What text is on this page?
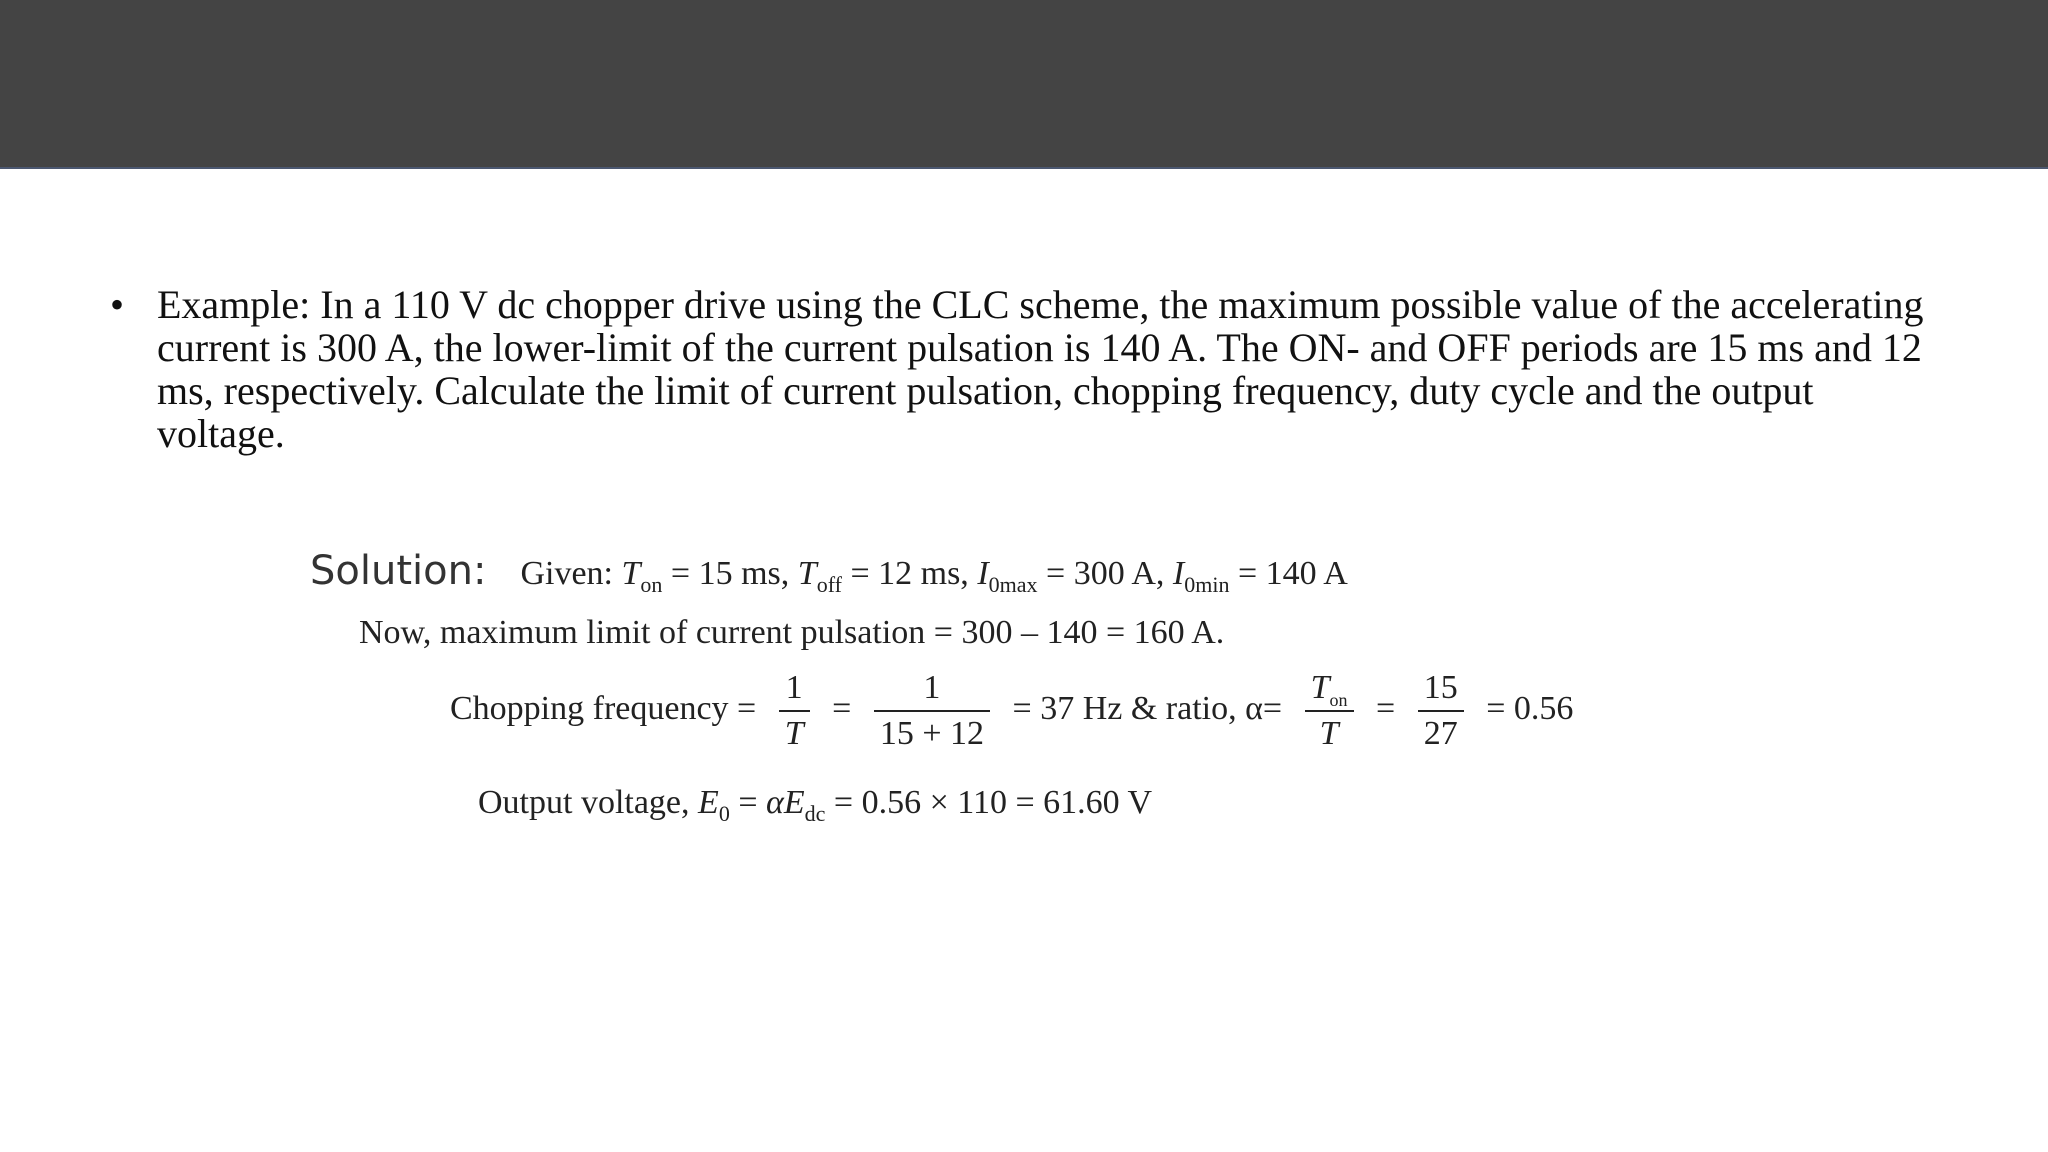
• Example: In a 110 V dc chopper drive using the CLC scheme, the maximum possible value of the accelerating current is 300 A, the lower-limit of the current pulsation is 140 A. The ON- and OFF periods are 15 ms and 12 ms, respectively. Calculate the limit of current pulsation, chopping frequency, duty cycle and the output voltage.
Solution: Given: $T_{on} = 15$ ms, $T_{off} = 12$ ms, $I_{0max} = 300$ A, $I_{0min} = 140$ A
Now, maximum limit of current pulsation = 300 – 140 = 160 A.
Chopping frequency = $\frac{1}{T} = \frac{1}{15 + 12} = 37$ Hz & ratio, $\alpha= \frac{T_{on}}{T} = \frac{15}{27} = 0.56$
Output voltage, $E_0 = \alpha E_{dc} = 0.56 \times 110 = 61.60$ V
